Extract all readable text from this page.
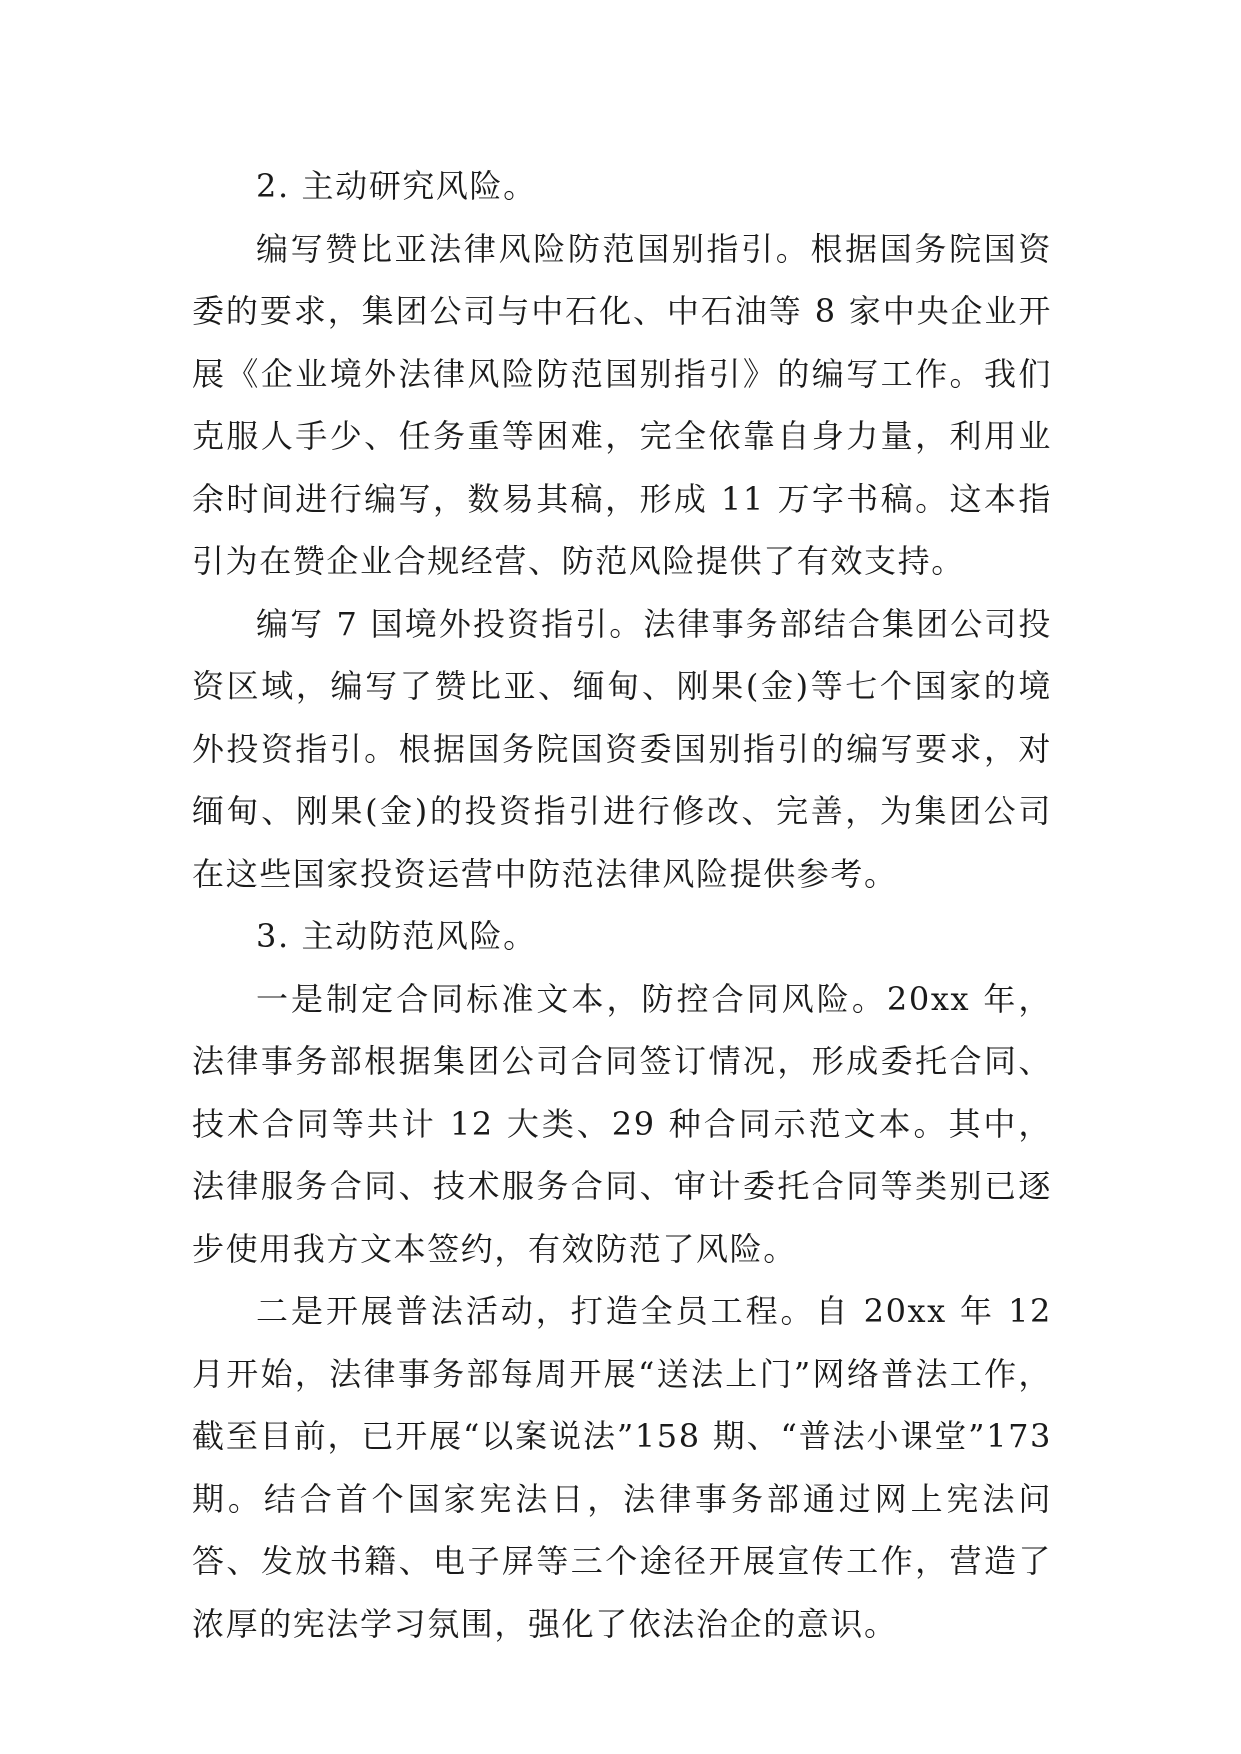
2. 主动研究风险。

编写赞比亚法律风险防范国别指引。根据国务院国资委的要求，集团公司与中石化、中石油等 8 家中央企业开展《企业境外法律风险防范国别指引》的编写工作。我们克服人手少、任务重等困难，完全依靠自身力量，利用业余时间进行编写，数易其稿，形成 11 万字书稿。这本指引为在赞企业合规经营、防范风险提供了有效支持。

编写 7 国境外投资指引。法律事务部结合集团公司投资区域，编写了赞比亚、缅甸、刚果(金)等七个国家的境外投资指引。根据国务院国资委国别指引的编写要求，对缅甸、刚果(金)的投资指引进行修改、完善，为集团公司在这些国家投资运营中防范法律风险提供参考。

3. 主动防范风险。

一是制定合同标准文本，防控合同风险。20xx 年，法律事务部根据集团公司合同签订情况，形成委托合同、技术合同等共计 12 大类、29 种合同示范文本。其中，法律服务合同、技术服务合同、审计委托合同等类别已逐步使用我方文本签约，有效防范了风险。

二是开展普法活动，打造全员工程。自 20xx 年 12 月开始，法律事务部每周开展“送法上门”网络普法工作，截至目前，已开展“以案说法”158 期、“普法小课堂”173 期。结合首个国家宪法日，法律事务部通过网上宪法问答、发放书籍、电子屏等三个途径开展宣传工作，营造了浓厚的宪法学习氛围，强化了依法治企的意识。
